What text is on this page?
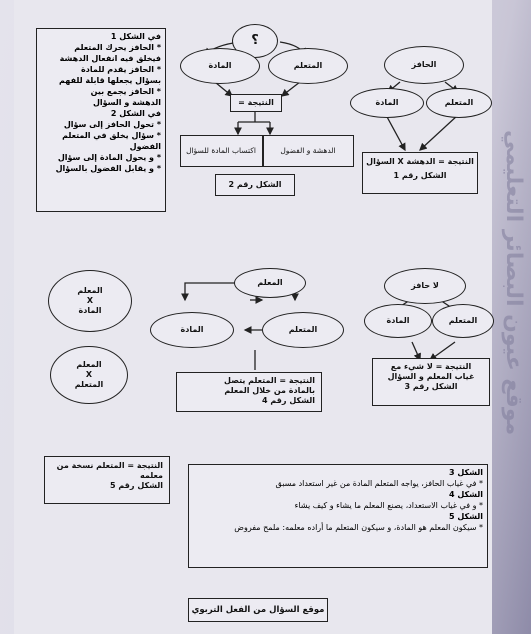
موقع عيون البصائر التعليمي
في الشكل 1
* الحافز يحرك المتعلم
فيخلق فيه انفعال الدهشة
* الحافز يقدم للمادة
بسؤال يجعلها قابلة للفهم
* الحافز يجمع بين
الدهشة و السؤال
في الشكل 2
* تحول الحافز إلى سؤال
* سؤال يخلق في المتعلم
الفضول
* و يحول المادة إلى سؤال
* و يقابل الفضول بالسؤال
؟
المادة	المتعلم
النتيجة =
اكتساب المادة للسؤال	الدهشة و الفضول
الشكل رقم 2
الحافز
المادة	المتعلم
النتيجة = الدهشة X السؤال
الشكل رقم 1
المعلم
X
المادة
المعلم
X
المتعلم
المعلم
المادة	المتعلم
النتيجة = المتعلم يتصل
بالمادة من خلال المعلم
الشكل رقم 4
لا حافز
المادة	المتعلم
النتيجة = لا شيء مع
غياب المعلم و السؤال
الشكل رقم 3
النتيجة = المتعلم نسخة من
معلمه
الشكل رقم 5
الشكل 3
* في غياب الحافز، يواجه المتعلم المادة من غير استعداد مسبق
الشكل 4
* و في غياب الاستعداد، يصنع المعلم ما يشاء و كيف يشاء
الشكل 5
* سيكون المعلم هو المادة، و سيكون المتعلم ما أراده معلمه: ملمح مفروض
موقع السؤال من الفعل التربوي
